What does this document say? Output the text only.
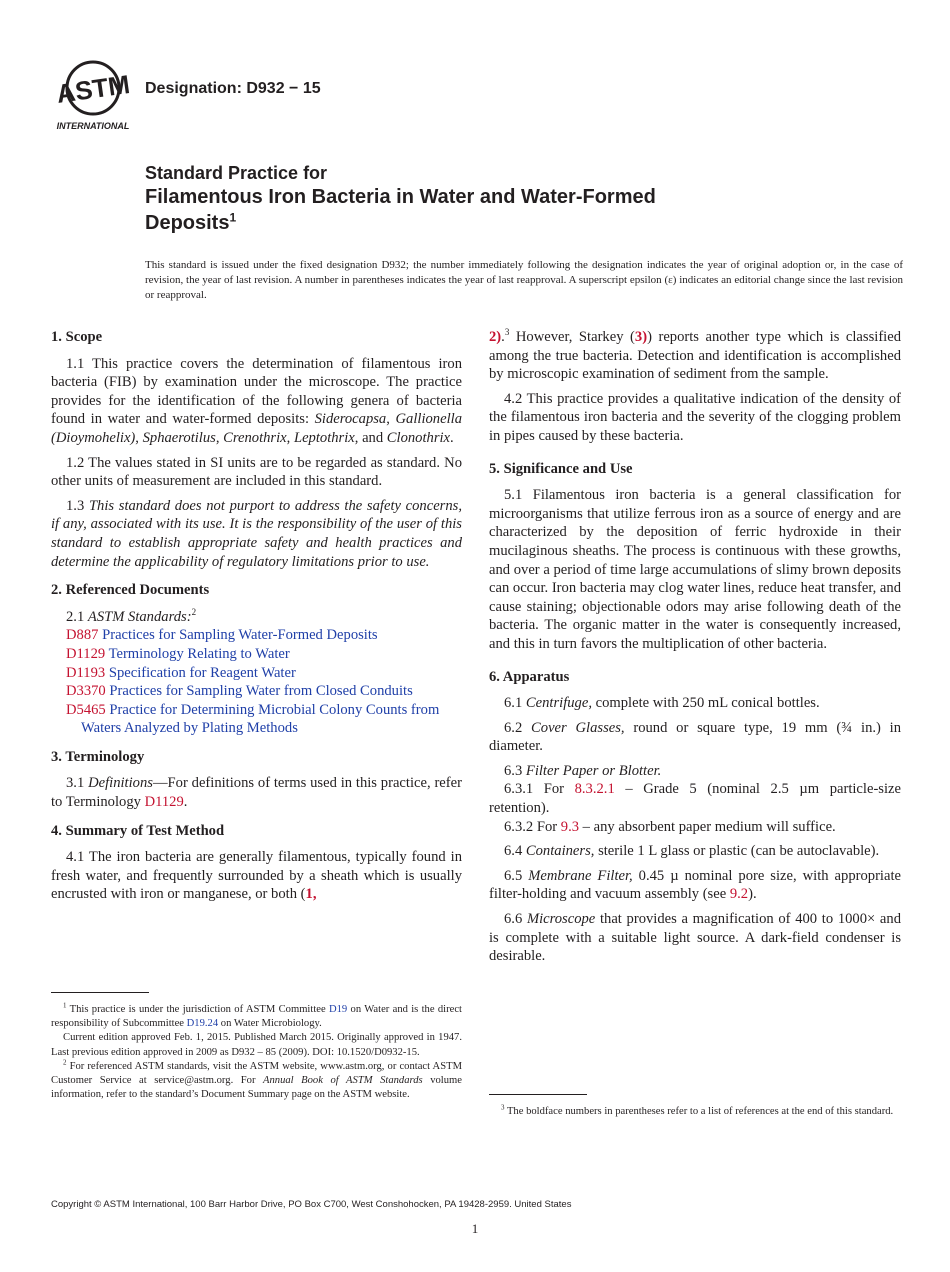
ASTM
INTERNATIONAL
Designation: D932 − 15
Standard Practice for
Filamentous Iron Bacteria in Water and Water-Formed
Deposits$^1$
This standard is issued under the fixed designation D932; the number immediately following the designation indicates the year of original adoption or, in the case of revision, the year of last revision. A number in parentheses indicates the year of last reapproval. A superscript epsilon (ε) indicates an editorial change since the last revision or reapproval.
1. Scope
1.1 This practice covers the determination of filamentous iron bacteria (FIB) by examination under the microscope. The practice provides for the identification of the following genera of bacteria found in water and water-formed deposits: Siderocapsa, Gallionella (Dioymohelix), Sphaerotilus, Crenothrix, Leptothrix, and Clonothrix.
1.2 The values stated in SI units are to be regarded as standard. No other units of measurement are included in this standard.
1.3 This standard does not purport to address the safety concerns, if any, associated with its use. It is the responsibility of the user of this standard to establish appropriate safety and health practices and determine the applicability of regulatory limitations prior to use.
2. Referenced Documents
2.1 ASTM Standards:$^2$
D887 Practices for Sampling Water-Formed Deposits
D1129 Terminology Relating to Water
D1193 Specification for Reagent Water
D3370 Practices for Sampling Water from Closed Conduits
D5465 Practice for Determining Microbial Colony Counts from Waters Analyzed by Plating Methods
3. Terminology
3.1 Definitions—For definitions of terms used in this practice, refer to Terminology D1129.
4. Summary of Test Method
4.1 The iron bacteria are generally filamentous, typically found in fresh water, and frequently surrounded by a sheath which is usually encrusted with iron or manganese, or both (1,
2).$^3$ However, Starkey (3)) reports another type which is classified among the true bacteria. Detection and identification is accomplished by microscopic examination of sediment from the sample.
4.2 This practice provides a qualitative indication of the density of the filamentous iron bacteria and the severity of the clogging problem in pipes caused by these bacteria.
5. Significance and Use
5.1 Filamentous iron bacteria is a general classification for microorganisms that utilize ferrous iron as a source of energy and are characterized by the deposition of ferric hydroxide in their mucilaginous sheaths. The process is continuous with these growths, and over a period of time large accumulations of slimy brown deposits can occur. Iron bacteria may clog water lines, reduce heat transfer, and cause staining; objectionable odors may arise following death of the bacteria. The organic matter in the water is consequently increased, and this in turn favors the multiplication of other bacteria.
6. Apparatus
6.1 Centrifuge, complete with 250 mL conical bottles.
6.2 Cover Glasses, round or square type, 19 mm (¾ in.) in diameter.
6.3 Filter Paper or Blotter.
6.3.1 For 8.3.2.1 – Grade 5 (nominal 2.5 µm particle-size retention).
6.3.2 For 9.3 – any absorbent paper medium will suffice.
6.4 Containers, sterile 1 L glass or plastic (can be autoclavable).
6.5 Membrane Filter, 0.45 µ nominal pore size, with appropriate filter-holding and vacuum assembly (see 9.2).
6.6 Microscope that provides a magnification of 400 to 1000× and is complete with a suitable light source. A dark-field condenser is desirable.
$^1$ This practice is under the jurisdiction of ASTM Committee D19 on Water and is the direct responsibility of Subcommittee D19.24 on Water Microbiology.
Current edition approved Feb. 1, 2015. Published March 2015. Originally approved in 1947. Last previous edition approved in 2009 as D932 – 85 (2009). DOI: 10.1520/D0932-15.
$^2$ For referenced ASTM standards, visit the ASTM website, www.astm.org, or contact ASTM Customer Service at service@astm.org. For Annual Book of ASTM Standards volume information, refer to the standard’s Document Summary page on the ASTM website.
$^3$ The boldface numbers in parentheses refer to a list of references at the end of this standard.
Copyright © ASTM International, 100 Barr Harbor Drive, PO Box C700, West Conshohocken, PA 19428-2959. United States
1
